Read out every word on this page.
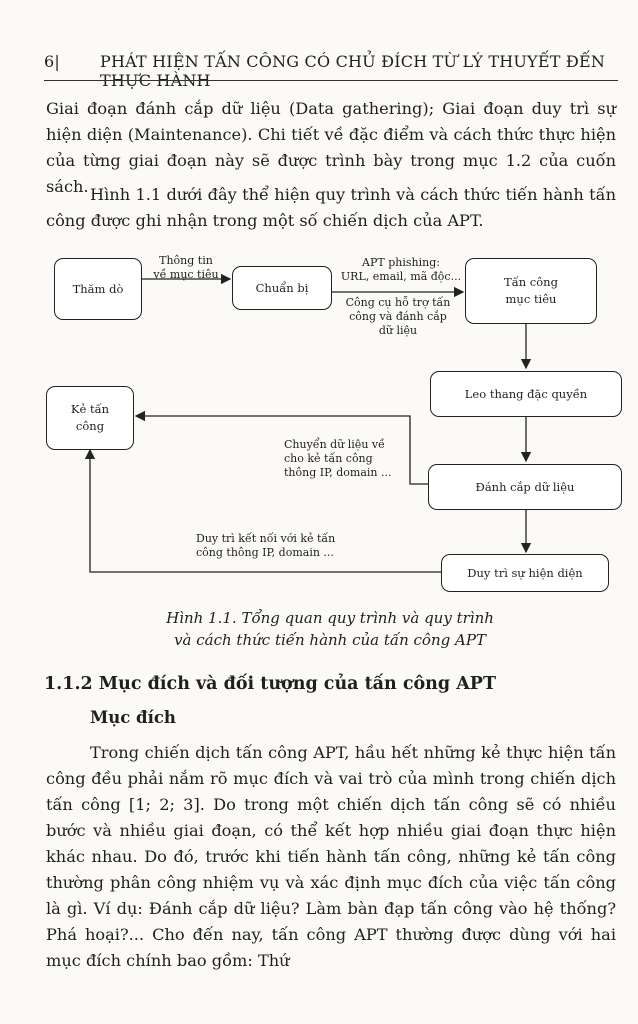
6|	PHÁT HIỆN TẤN CÔNG CÓ CHỦ ĐÍCH TỪ LÝ THUYẾT ĐẾN THỰC HÀNH

Giai đoạn đánh cắp dữ liệu (Data gathering); Giai đoạn duy trì sự hiện diện (Maintenance). Chi tiết về đặc điểm và cách thức thực hiện của từng giai đoạn này sẽ được trình bày trong mục 1.2 của cuốn sách. Hình 1.1 dưới đây thể hiện quy trình và cách thức tiến hành tấn công được ghi nhận trong một số chiến dịch của APT.

Thăm dò	Chuẩn bị	Tấn công
mục tiêu
Leo thang đặc quyền
Kẻ tấn
công
Đánh cắp dữ liệu
Duy trì sự hiện diện
Thông tin
về mục tiêu
APT phishing:
URL, email, mã độc...
Công cụ hỗ trợ tấn
công và đánh cắp
dữ liệu
Chuyển dữ liệu về
cho kẻ tấn công
thông IP, domain ...
Duy trì kết nối với kẻ tấn
công thông IP, domain ...
Hình 1.1. Tổng quan quy trình và quy trình
và cách thức tiến hành của tấn công APT
1.1.2 Mục đích và đối tượng của tấn công APT
Mục đích

Trong chiến dịch tấn công APT, hầu hết những kẻ thực hiện tấn công đều phải nắm rõ mục đích và vai trò của mình trong chiến dịch tấn công [1; 2; 3]. Do trong một chiến dịch tấn công sẽ có nhiều bước và nhiều giai đoạn, có thể kết hợp nhiều giai đoạn thực hiện khác nhau. Do đó, trước khi tiến hành tấn công, những kẻ tấn công thường phân công nhiệm vụ và xác định mục đích của việc tấn công là gì. Ví dụ: Đánh cắp dữ liệu? Làm bàn đạp tấn công vào hệ thống? Phá hoại?... Cho đến nay, tấn công APT thường được dùng với hai mục đích chính bao gồm: Thứ
